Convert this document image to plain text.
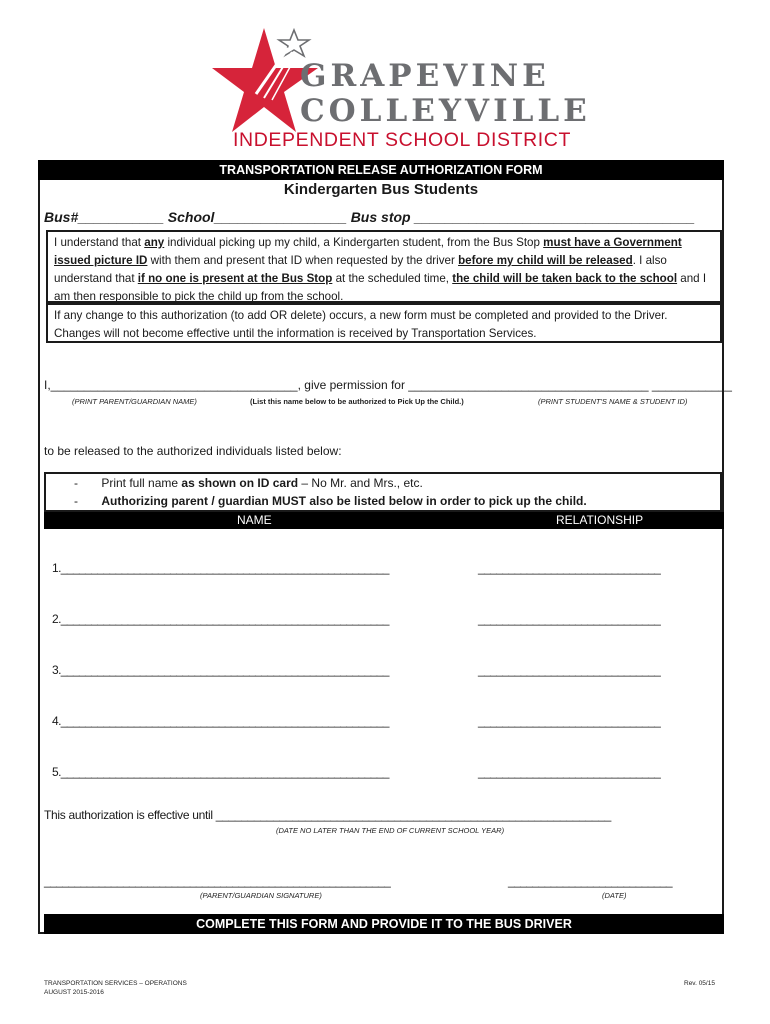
GRAPEVINE
COLLEYVILLE
INDEPENDENT SCHOOL DISTRICT
TRANSPORTATION RELEASE AUTHORIZATION FORM
Kindergarten Bus Students
Bus#___________ School_________________ Bus stop ____________________________________
I understand that any individual picking up my child, a Kindergarten student, from the Bus Stop must have a Government issued picture ID with them and present that ID when requested by the driver before my child will be released. I also understand that if no one is present at the Bus Stop at the scheduled time, the child will be taken back to the school and I am then responsible to pick the child up from the school.
If any change to this authorization (to add OR delete) occurs, a new form must be completed and provided to the Driver. Changes will not become effective until the information is received by Transportation Services.
I,_____________________________________, give permission for ____________________________________ ____________
(PRINT PARENT/GUARDIAN NAME)	(List this name below to be authorized to Pick Up the Child.)	(PRINT STUDENT'S NAME & STUDENT ID)
to be released to the authorized individuals listed below:
- Print full name as shown on ID card – No Mr. and Mrs., etc.
- Authorizing parent / guardian MUST also be listed below in order to pick up the child.
NAME	RELATIONSHIP
1.______________________________________________________	______________________________
2.______________________________________________________	______________________________
3.______________________________________________________	______________________________
4.______________________________________________________	______________________________
5.______________________________________________________	______________________________
This authorization is effective until ______________________________________________________________
(DATE NO LATER THAN THE END OF CURRENT SCHOOL YEAR)
_________________________________________________________	___________________________
(PARENT/GUARDIAN SIGNATURE)	(DATE)
COMPLETE THIS FORM AND PROVIDE IT TO THE BUS DRIVER
TRANSPORTATION SERVICES – OPERATIONS
AUGUST 2015-2016
Rev. 05/15
